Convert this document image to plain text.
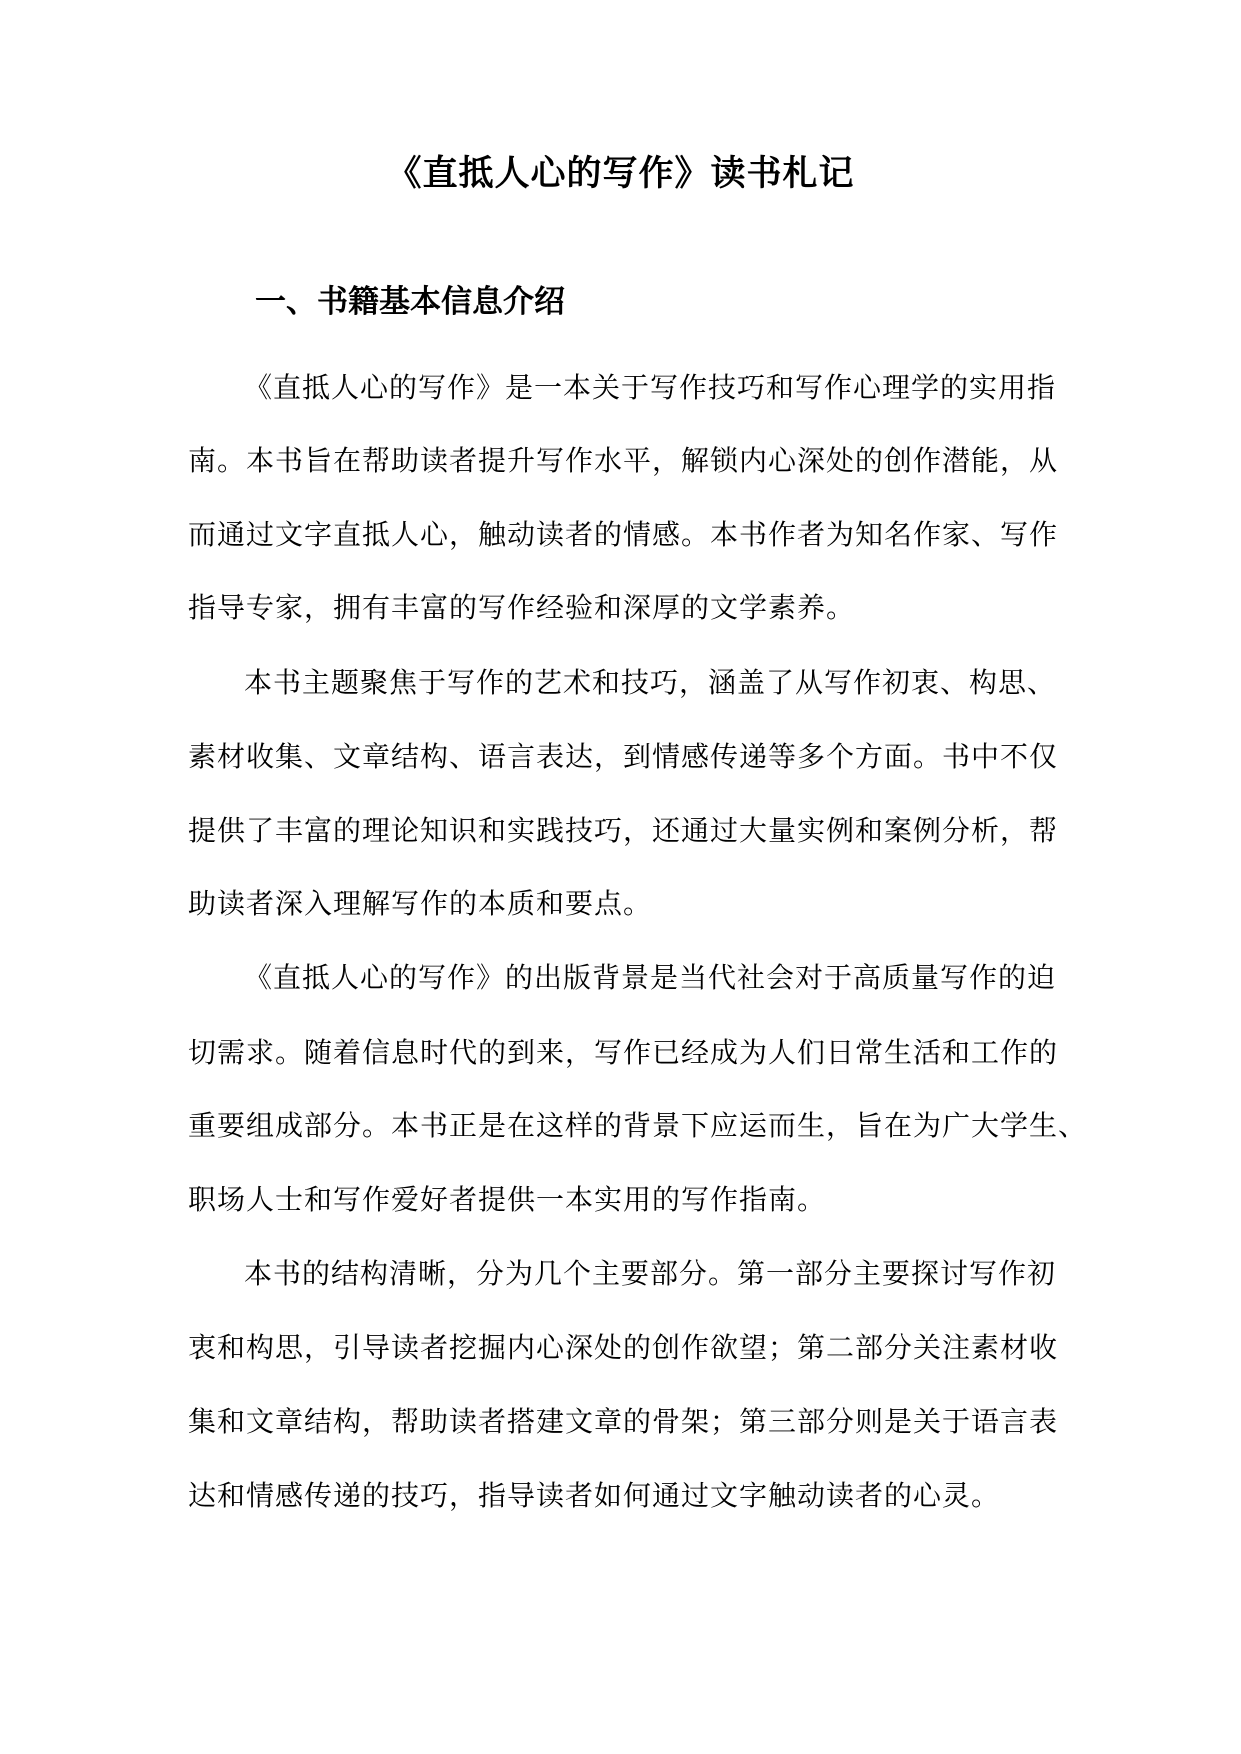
《直抵人心的写作》读书札记
一、书籍基本信息介绍
《直抵人心的写作》是一本关于写作技巧和写作心理学的实用指
南。本书旨在帮助读者提升写作水平，解锁内心深处的创作潜能，从
而通过文字直抵人心，触动读者的情感。本书作者为知名作家、写作
指导专家，拥有丰富的写作经验和深厚的文学素养。
本书主题聚焦于写作的艺术和技巧，涵盖了从写作初衷、构思、
素材收集、文章结构、语言表达，到情感传递等多个方面。书中不仅
提供了丰富的理论知识和实践技巧，还通过大量实例和案例分析，帮
助读者深入理解写作的本质和要点。
《直抵人心的写作》的出版背景是当代社会对于高质量写作的迫
切需求。随着信息时代的到来，写作已经成为人们日常生活和工作的
重要组成部分。本书正是在这样的背景下应运而生，旨在为广大学生、
职场人士和写作爱好者提供一本实用的写作指南。
本书的结构清晰，分为几个主要部分。第一部分主要探讨写作初
衷和构思，引导读者挖掘内心深处的创作欲望；第二部分关注素材收
集和文章结构，帮助读者搭建文章的骨架；第三部分则是关于语言表
达和情感传递的技巧，指导读者如何通过文字触动读者的心灵。
